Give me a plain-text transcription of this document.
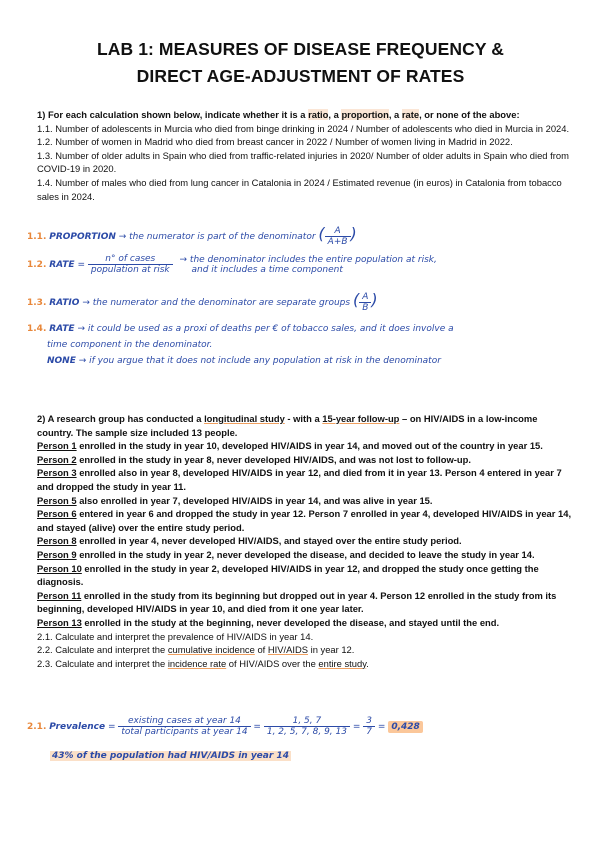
LAB 1: MEASURES OF DISEASE FREQUENCY &
DIRECT AGE-ADJUSTMENT OF RATES
1) For each calculation shown below, indicate whether it is a ratio, a proportion, a rate, or none of the above:
1.1. Number of adolescents in Murcia who died from binge drinking in 2024 / Number of adolescents who died in Murcia in 2024.
1.2. Number of women in Madrid who died from breast cancer in 2022 / Number of women living in Madrid in 2022.
1.3. Number of older adults in Spain who died from traffic-related injuries in 2020/ Number of older adults in Spain who died from COVID-19 in 2020.
1.4. Number of males who died from lung cancer in Catalonia in 2024 / Estimated revenue (in euros) in Catalonia from tobacco sales in 2024.
1.1. PROPORTION → the numerator is part of the denominator ( $\frac{A}{A+B}$ )
1.2. RATE = $\frac{\text{n° of cases}}{\text{population at risk}}$
→ the denominator includes the entire population at risk,
and it includes a time component
1.3. RATIO → the numerator and the denominator are separate groups ( $\frac{A}{B}$ )
1.4. RATE → it could be used as a proxi of deaths per € of tobacco sales, and it does involve a
time component in the denominator.
NONE → if you argue that it does not include any population at risk in the denominator
2) A research group has conducted a longitudinal study - with a 15-year follow-up – on HIV/AIDS in a low-income country. The sample size included 13 people.
Person 1 enrolled in the study in year 10, developed HIV/AIDS in year 14, and moved out of the country in year 15.
Person 2 enrolled in the study in year 8, never developed HIV/AIDS, and was not lost to follow-up.
Person 3 enrolled also in year 8, developed HIV/AIDS in year 12, and died from it in year 13. Person 4 entered in year 7 and dropped the study in year 11.
Person 5 also enrolled in year 7, developed HIV/AIDS in year 14, and was alive in year 15.
Person 6 entered in year 6 and dropped the study in year 12. Person 7 enrolled in year 4, developed HIV/AIDS in year 14, and stayed (alive) over the entire study period.
Person 8 enrolled in year 4, never developed HIV/AIDS, and stayed over the entire study period.
Person 9 enrolled in the study in year 2, never developed the disease, and decided to leave the study in year 14.
Person 10 enrolled in the study in year 2, developed HIV/AIDS in year 12, and dropped the study once getting the diagnosis.
Person 11 enrolled in the study from its beginning but dropped out in year 4. Person 12 enrolled in the study from its beginning, developed HIV/AIDS in year 10, and died from it one year later.
Person 13 enrolled in the study at the beginning, never developed the disease, and stayed until the end.
2.1. Calculate and interpret the prevalence of HIV/AIDS in year 14.
2.2. Calculate and interpret the cumulative incidence of HIV/AIDS in year 12.
2.3. Calculate and interpret the incidence rate of HIV/AIDS over the entire study.
2.1. Prevalence = $\frac{\text{existing cases at year 14}}{\text{total participants at year 14}} = \frac{1, 5, 7}{1, 2, 5, 7, 8, 9, 13} = \frac{3}{7} = 0,428$
43% of the population had HIV/AIDS in year 14
